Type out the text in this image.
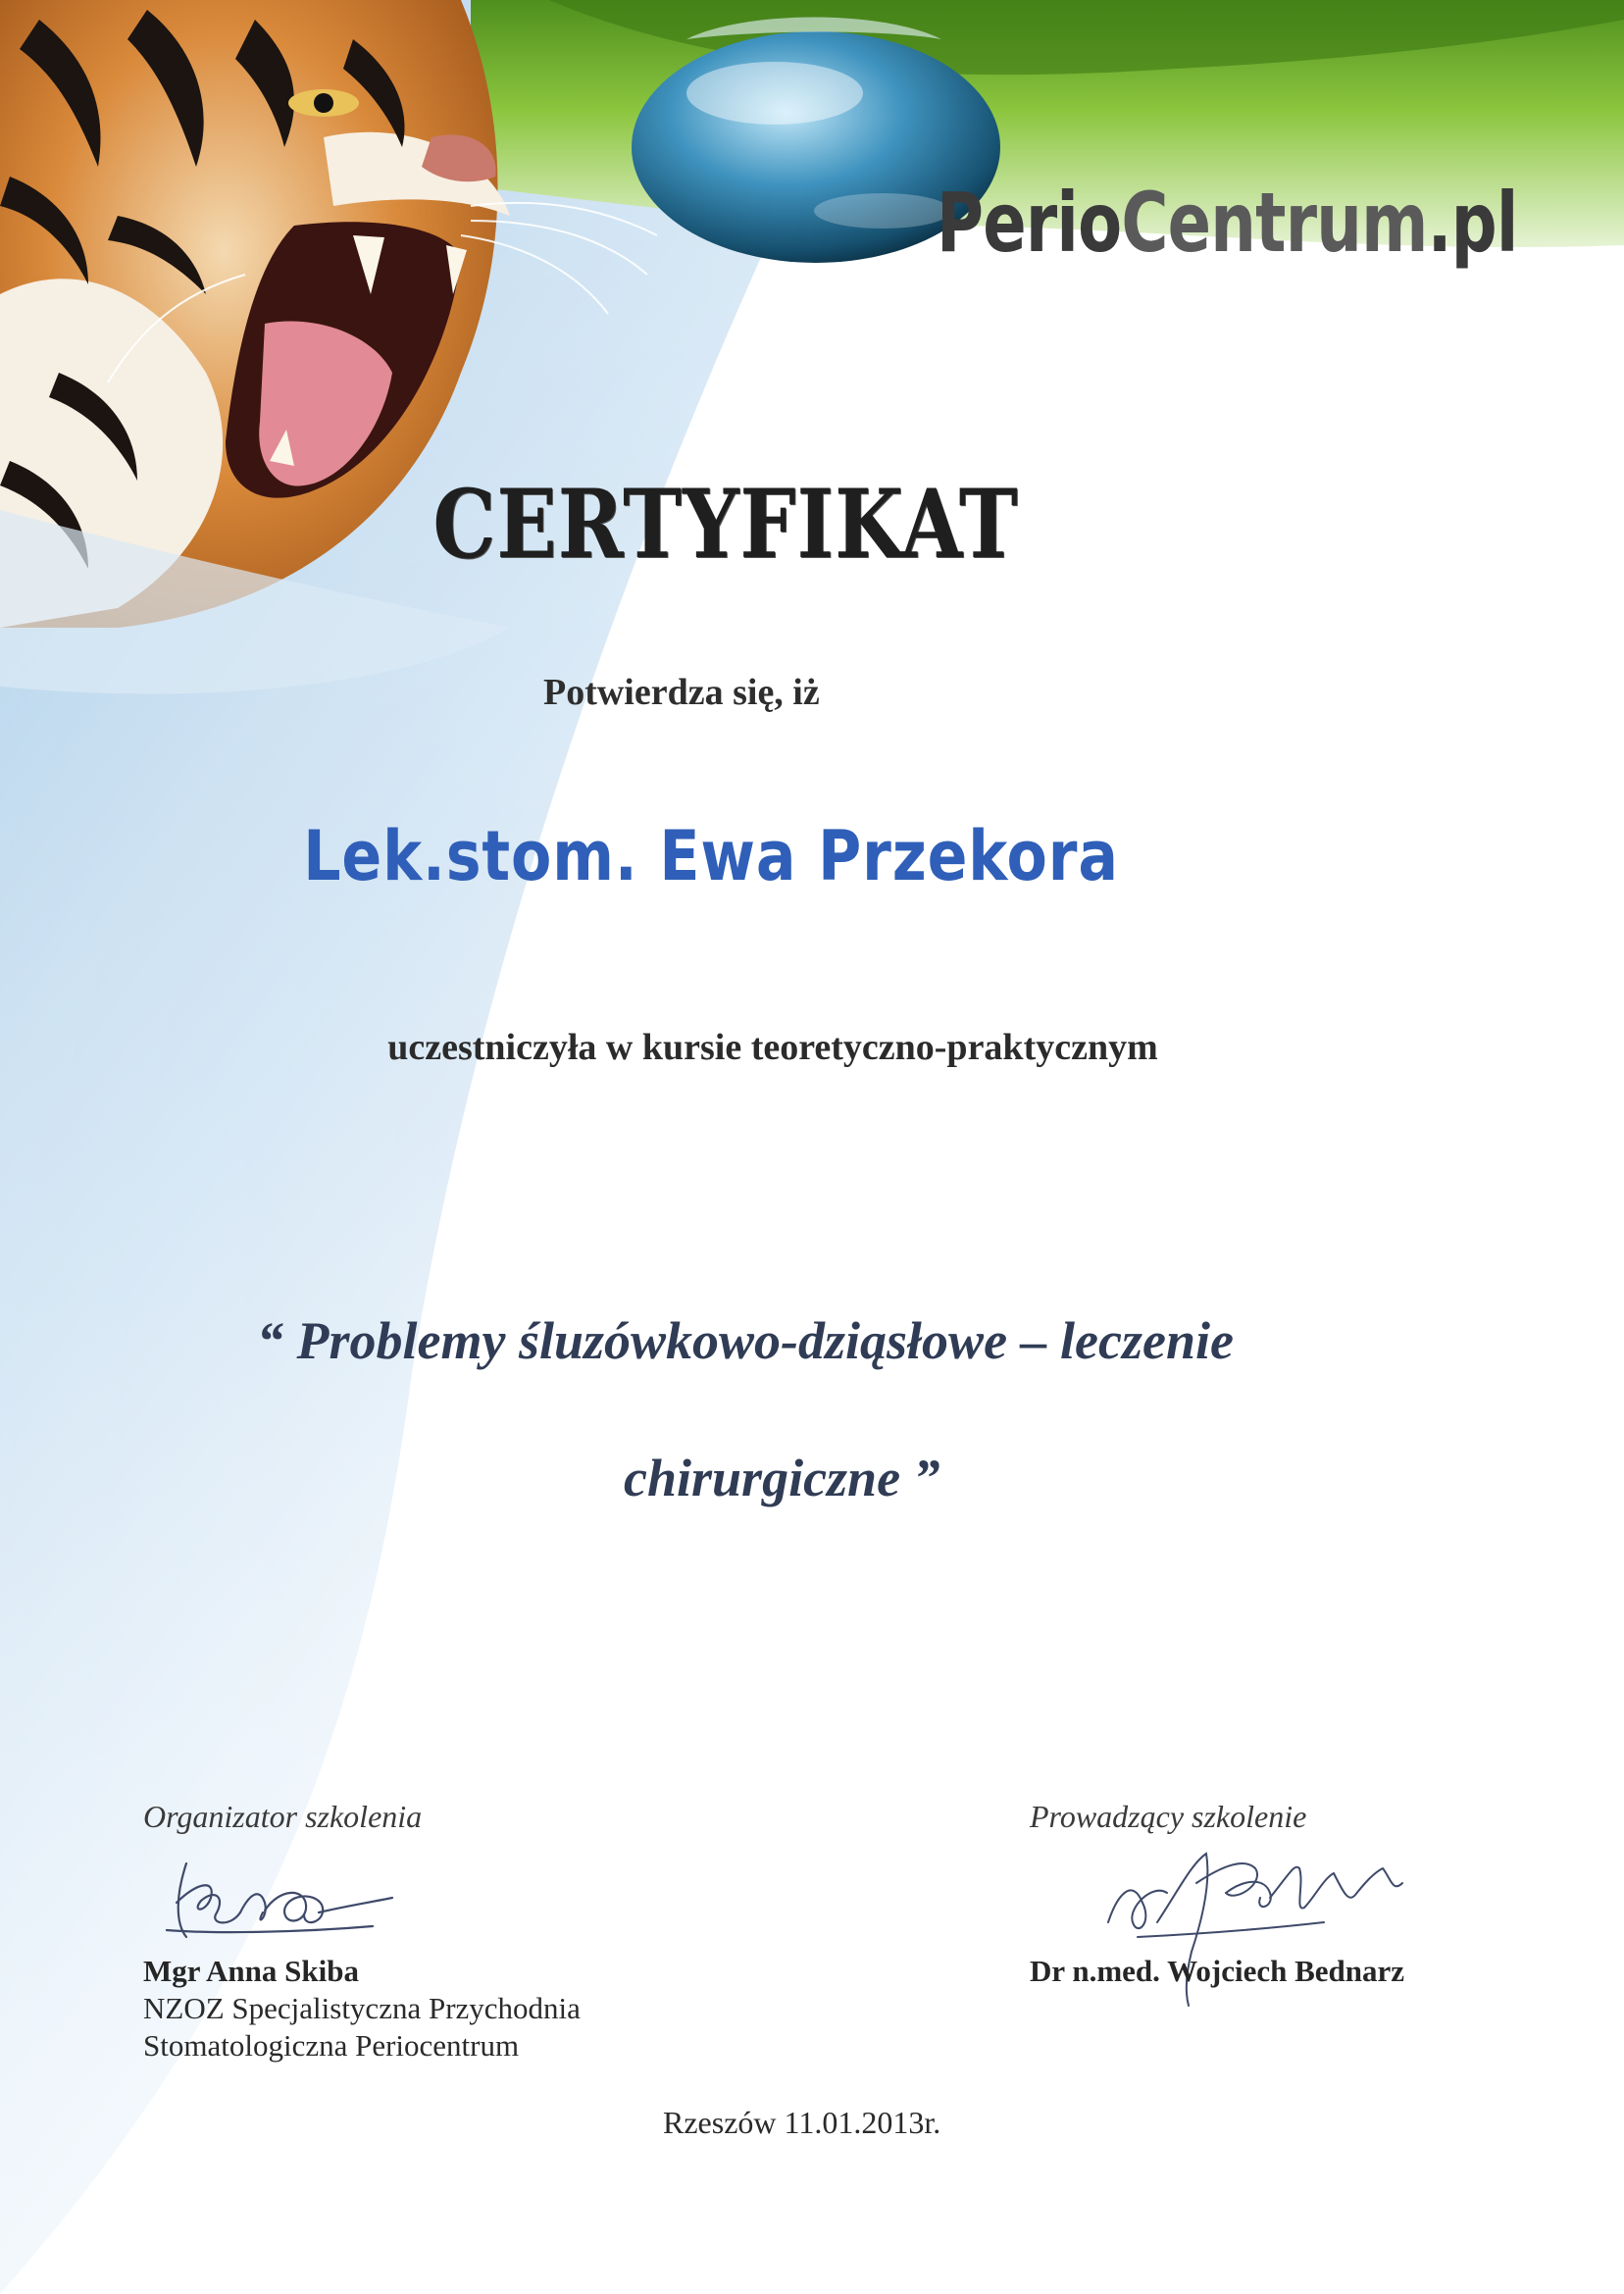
PerioCentrum.pl
CERTYFIKAT
Potwierdza się, iż
Lek.stom. Ewa Przekora
uczestniczyła w kursie teoretyczno-praktycznym
“ Problemy śluzówkowo-dziąsłowe – leczenie
chirurgiczne ”
Organizator szkolenia
Mgr Anna Skiba
NZOZ Specjalistyczna Przychodnia
Stomatologiczna Periocentrum
Prowadzący szkolenie
Dr n.med. Wojciech Bednarz
Rzeszów 11.01.2013r.
